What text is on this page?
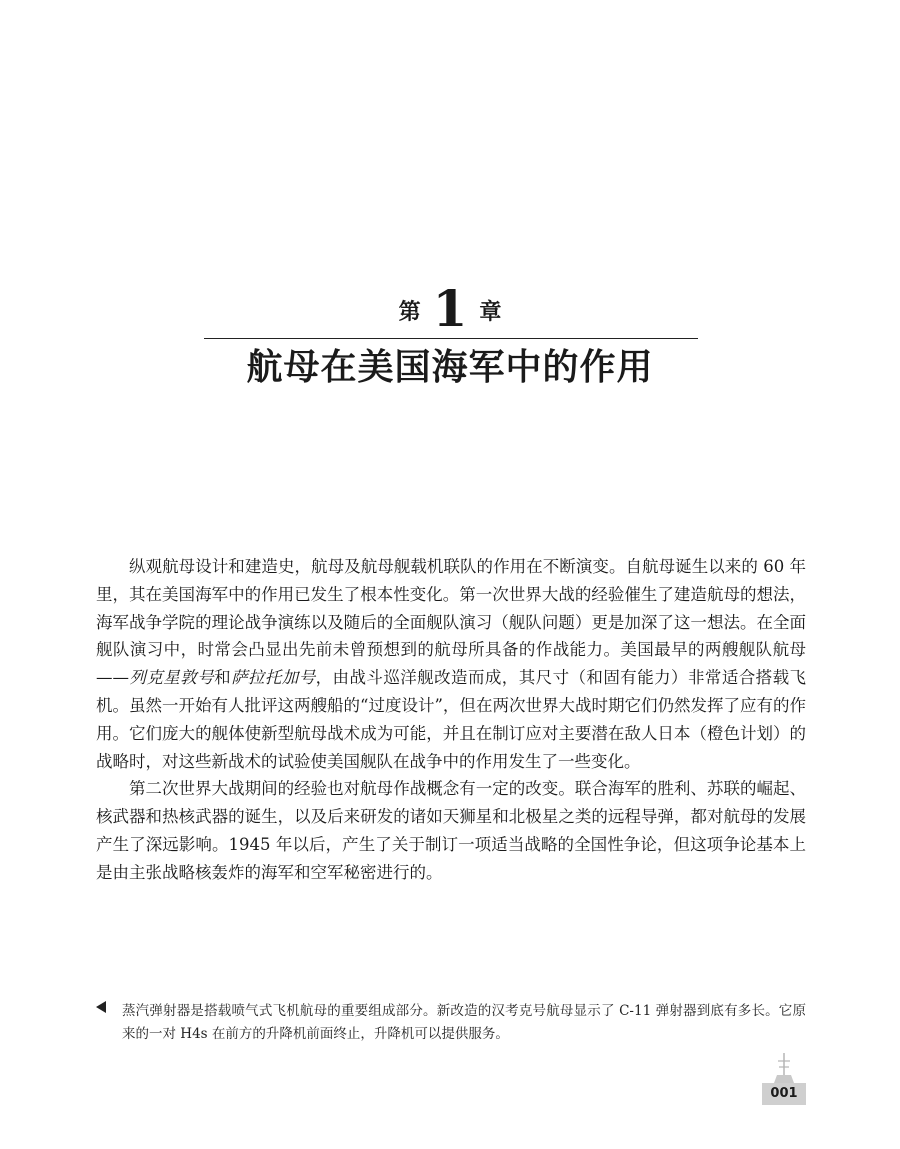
第 1 章
航母在美国海军中的作用

纵观航母设计和建造史，航母及航母舰载机联队的作用在不断演变。自航母诞生以来的 60 年里，其在美国海军中的作用已发生了根本性变化。第一次世界大战的经验催生了建造航母的想法，海军战争学院的理论战争演练以及随后的全面舰队演习（舰队问题）更是加深了这一想法。在全面舰队演习中，时常会凸显出先前未曾预想到的航母所具备的作战能力。美国最早的两艘舰队航母——列克星敦号和萨拉托加号，由战斗巡洋舰改造而成，其尺寸（和固有能力）非常适合搭载飞机。虽然一开始有人批评这两艘船的“过度设计”，但在两次世界大战时期它们仍然发挥了应有的作用。它们庞大的舰体使新型航母战术成为可能，并且在制订应对主要潜在敌人日本（橙色计划）的战略时，对这些新战术的试验使美国舰队在战争中的作用发生了一些变化。

第二次世界大战期间的经验也对航母作战概念有一定的改变。联合海军的胜利、苏联的崛起、核武器和热核武器的诞生，以及后来研发的诸如天狮星和北极星之类的远程导弹，都对航母的发展产生了深远影响。1945 年以后，产生了关于制订一项适当战略的全国性争论，但这项争论基本上是由主张战略核轰炸的海军和空军秘密进行的。

蒸汽弹射器是搭载喷气式飞机航母的重要组成部分。新改造的汉考克号航母显示了 C-11 弹射器到底有多长。它原来的一对 H4s 在前方的升降机前面终止，升降机可以提供服务。
001
